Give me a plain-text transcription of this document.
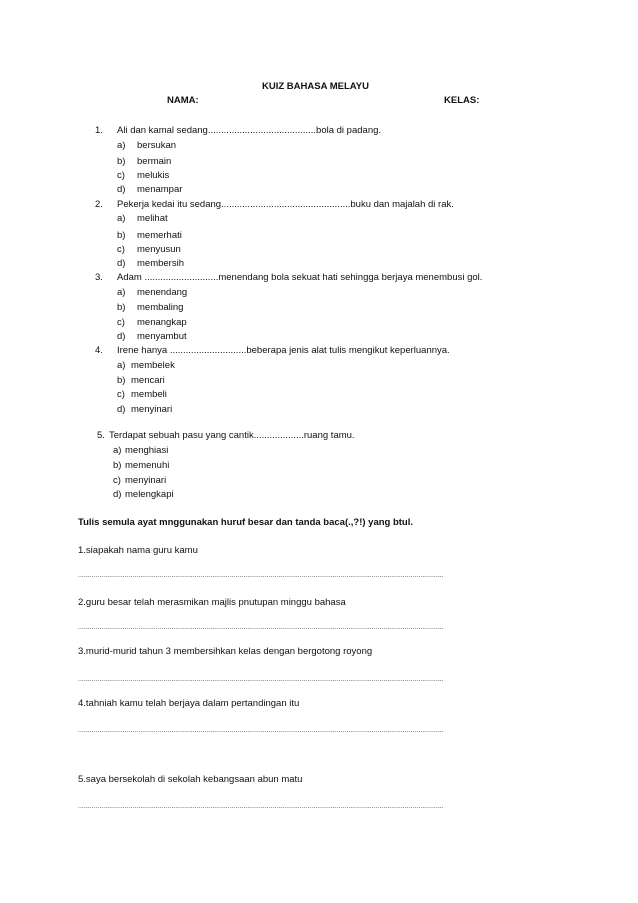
KUIZ BAHASA MELAYU
NAMA:	KELAS:
1. Ali dan kamal sedang.........................................bola di padang.
a) bersukan
b) bermain
c) melukis
d) menampar
2. Pekerja kedai itu sedang.................................................buku dan majalah di rak.
a) melihat
b) memerhati
c) menyusun
d) membersih
3. Adam ............................menendang bola sekuat hati sehingga berjaya menembusi gol.
a) menendang
b) membaling
c) menangkap
d) menyambut
4. Irene hanya .............................beberapa jenis alat tulis mengikut keperluannya.
a) membelek
b) mencari
c) membeli
d) menyinari
5. Terdapat sebuah pasu yang cantik...................ruang tamu.
a) menghiasi
b) memenuhi
c) menyinari
d) melengkapi
Tulis semula ayat mnggunakan huruf besar dan tanda baca(.,?!) yang btul.
1.siapakah nama guru kamu
............................................................................................................................................................................................
2.guru besar telah merasmikan majlis pnutupan minggu bahasa
............................................................................................................................................................................................
3.murid-murid tahun 3 membersihkan kelas dengan bergotong royong
............................................................................................................................................................................................
4.tahniah kamu telah berjaya dalam pertandingan itu
............................................................................................................................................................................................
5.saya bersekolah di sekolah kebangsaan abun matu
............................................................................................................................................................................................
